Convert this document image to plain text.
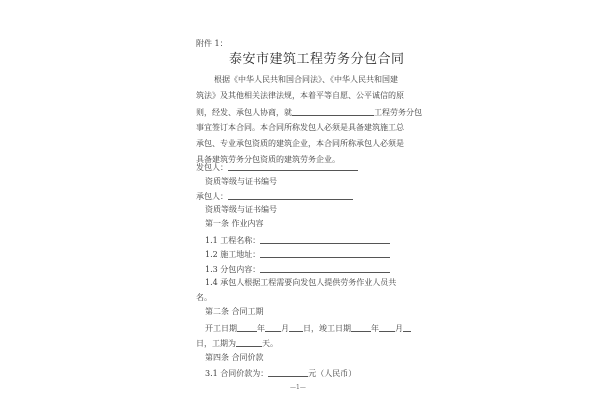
附件 1：
泰安市建筑工程劳务分包合同
根据《中华人民共和国合同法》、《中华人民共和国建
筑法》及其他相关法律法规，本着平等自愿、公平诚信的原
则，经发、承包人协商，就	工程劳务分包
事宜签订本合同。本合同所称发包人必须是具备建筑施工总
承包、专业承包资质的建筑企业，本合同所称承包人必须是
具备建筑劳务分包资质的建筑劳务企业。
发包人：
资质等级与证书编号
承包人：
资质等级与证书编号
第一条 作业内容
1.1 工程名称：
1.2 施工地址：
1.3 分包内容：
1.4 承包人根据工程需要向发包人提供劳务作业人员共
名。
第二条 合同工期
开工日期	年 月 日，竣工日期	年 月
日，工期为	天。
第四条 合同价款
3.1 合同价款为：	元（人民币）
—1—
